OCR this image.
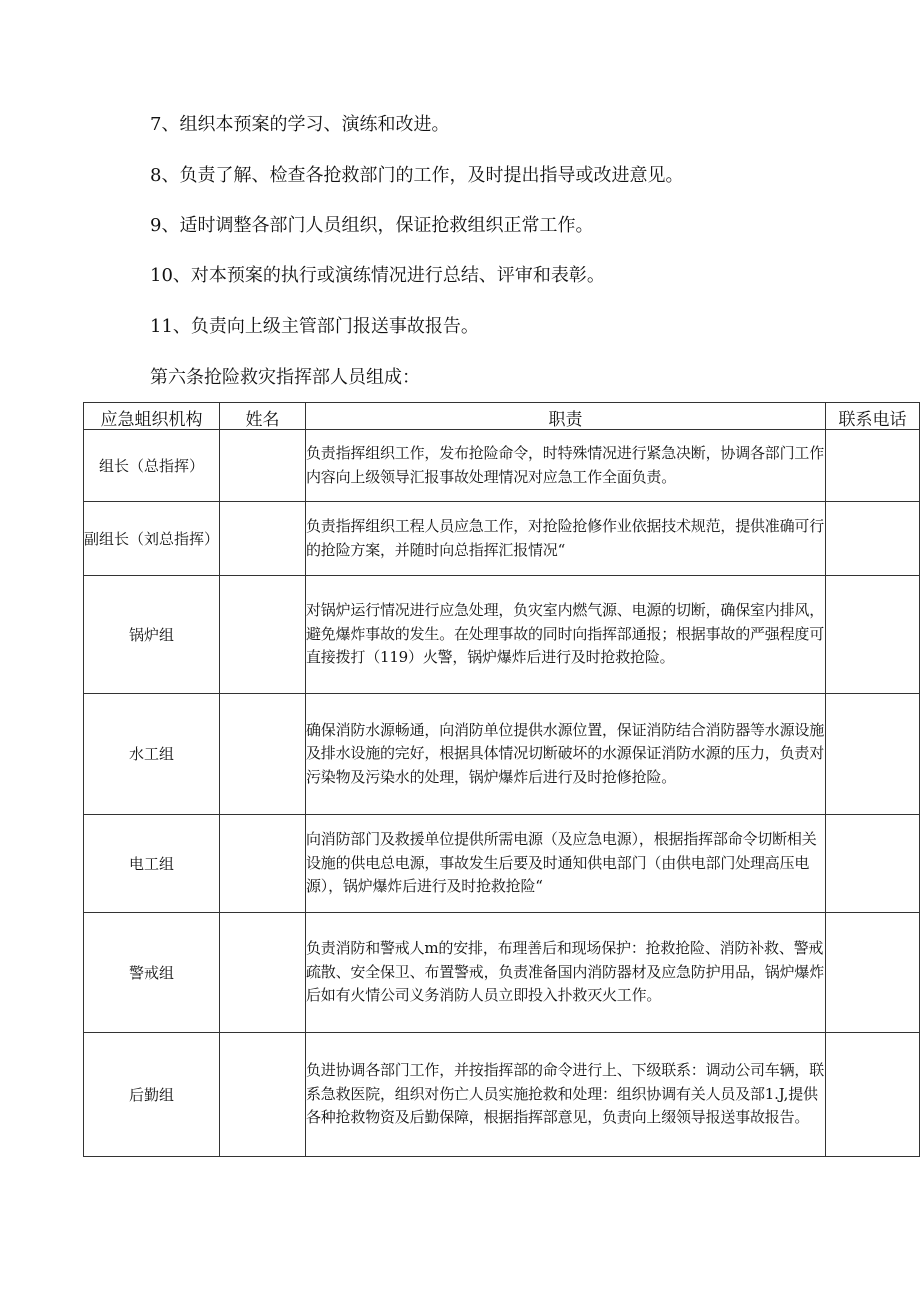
7、组织本预案的学习、演练和改进。
8、负责了解、检查各抢救部门的工作，及时提出指导或改进意见。
9、适时调整各部门人员组织，保证抢救组织正常工作。
10、对本预案的执行或演练情况进行总结、评审和表彰。
11、负责向上级主管部门报送事故报告。
第六条抢险救灾指挥部人员组成：
应急蛆织机构	姓名	职责	联系电话
组长（总指挥）		负责指挥组织工作，发布抢险命令，时特殊情况进行紧急决断，协调各部门工作内容向上级领导汇报事故处理情况对应急工作全面负责。	
副组长（刘总指挥）		负责指挥组织工程人员应急工作，对抢险抢修作业依据技术规范，提供准确可行的抢险方案，并随时向总指挥汇报情况“	
锅炉组		对锅炉运行情况进行应急处理，负灾室内燃气源、电源的切断，确保室内排风，避免爆炸事故的发生。在处理事故的同时向指挥部通报；根据事故的严强程度可直接拨打（119）火警，锅炉爆炸后进行及时抢救抢险。	
水工组		确保消防水源畅通，向消防单位提供水源位置，保证消防结合消防器等水源设施及排水设施的完好，根据具体情况切断破坏的水源保证消防水源的压力，负责对污染物及污染水的处理，锅炉爆炸后进行及时抢修抢险。	
电工组		向消防部门及救援单位提供所需电源（及应急电源），根据指挥部命令切断相关设施的供电总电源，事故发生后要及时通知供电部门（由供电部门处理高压电源），锅炉爆炸后进行及时抢救抢险“	
警戒组		负责消防和警戒人m的安排，布理善后和现场保护：抢救抢险、消防补救、警戒疏散、安全保卫、布置警戒，负责准备国内消防器材及应急防护用品，锅炉爆炸后如有火情公司义务消防人员立即投入扑救灭火工作。	
后勤组		负进协调各部门工作，并按指挥部的命令进行上、下级联系：调动公司车辆，联系急救医院，组织对伤亡人员实施抢救和处理：组织协调有关人员及部1.J,提供各种抢救物资及后勤保障，根据指挥部意见，负责向上缀领导报送事故报告。	
